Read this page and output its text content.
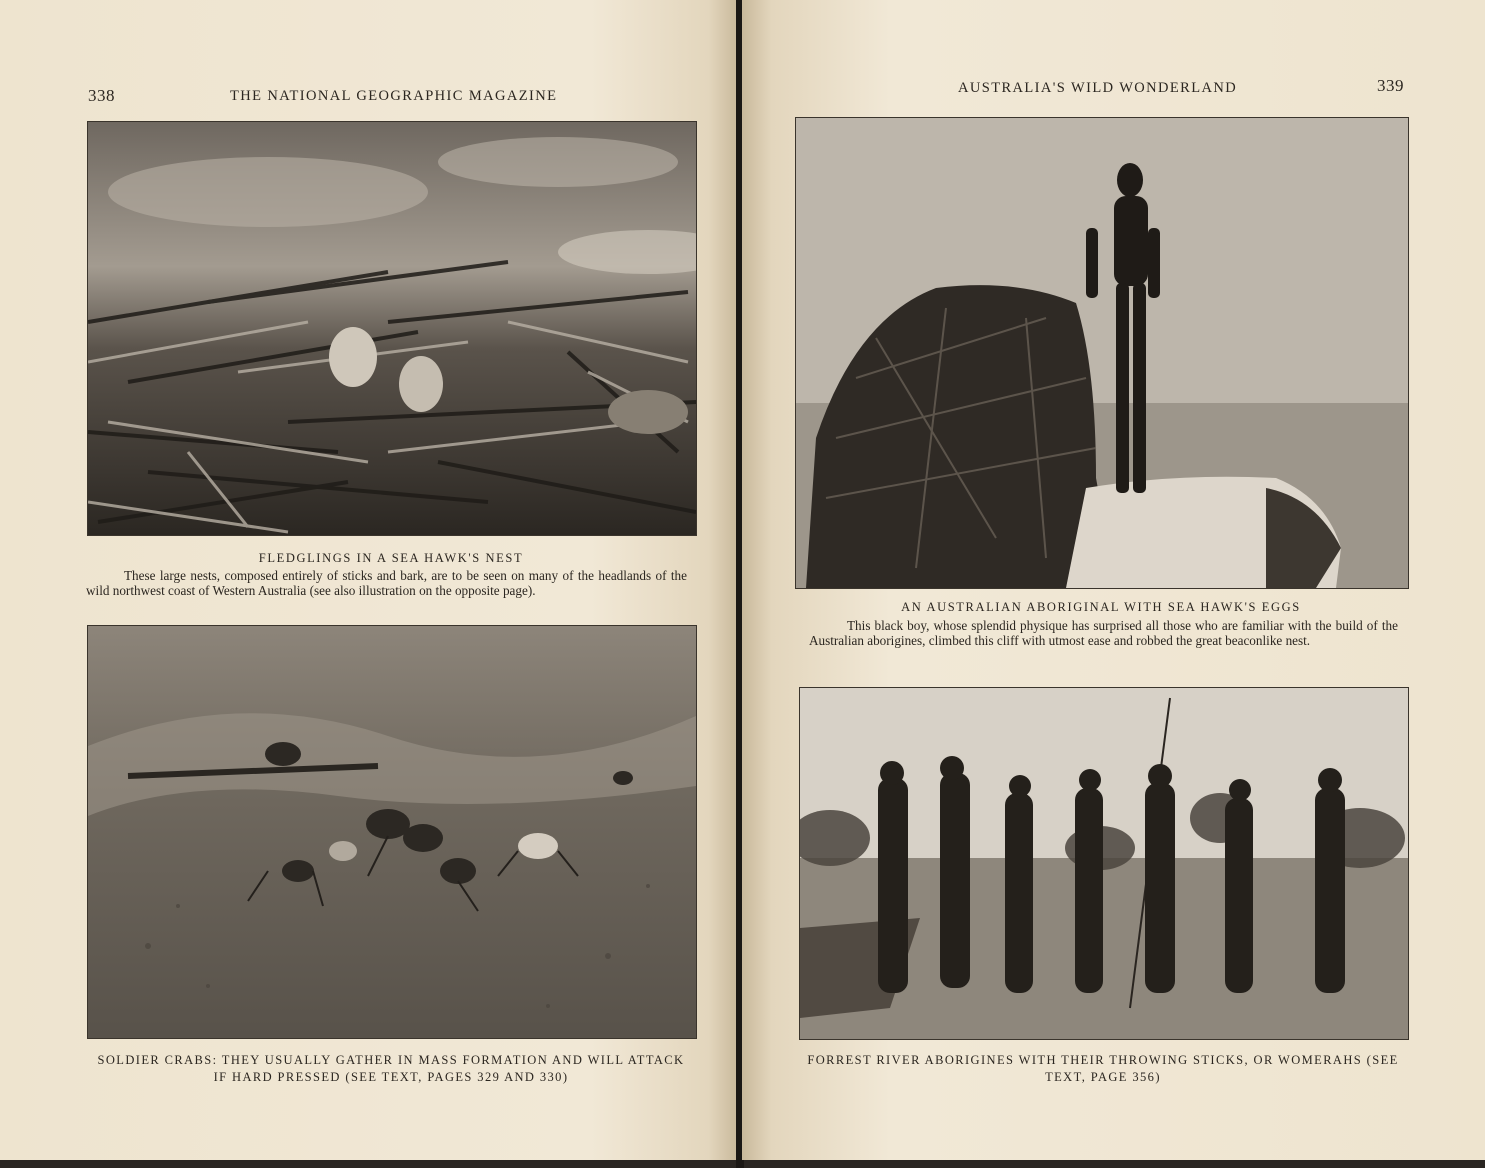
338	THE NATIONAL GEOGRAPHIC MAGAZINE
FLEDGLINGS IN A SEA HAWK'S NEST
These large nests, composed entirely of sticks and bark, are to be seen on many of the headlands of the wild northwest coast of Western Australia (see also illustration on the opposite page).
SOLDIER CRABS: THEY USUALLY GATHER IN MASS FORMATION AND WILL ATTACK
IF HARD PRESSED (SEE TEXT, PAGES 329 AND 330)
AUSTRALIA'S WILD WONDERLAND	339
AN AUSTRALIAN ABORIGINAL WITH SEA HAWK'S EGGS
This black boy, whose splendid physique has surprised all those who are familiar with the build of the Australian aborigines, climbed this cliff with utmost ease and robbed the great beaconlike nest.
FORREST RIVER ABORIGINES WITH THEIR THROWING STICKS, OR WOMERAHS (SEE
TEXT, PAGE 356)
